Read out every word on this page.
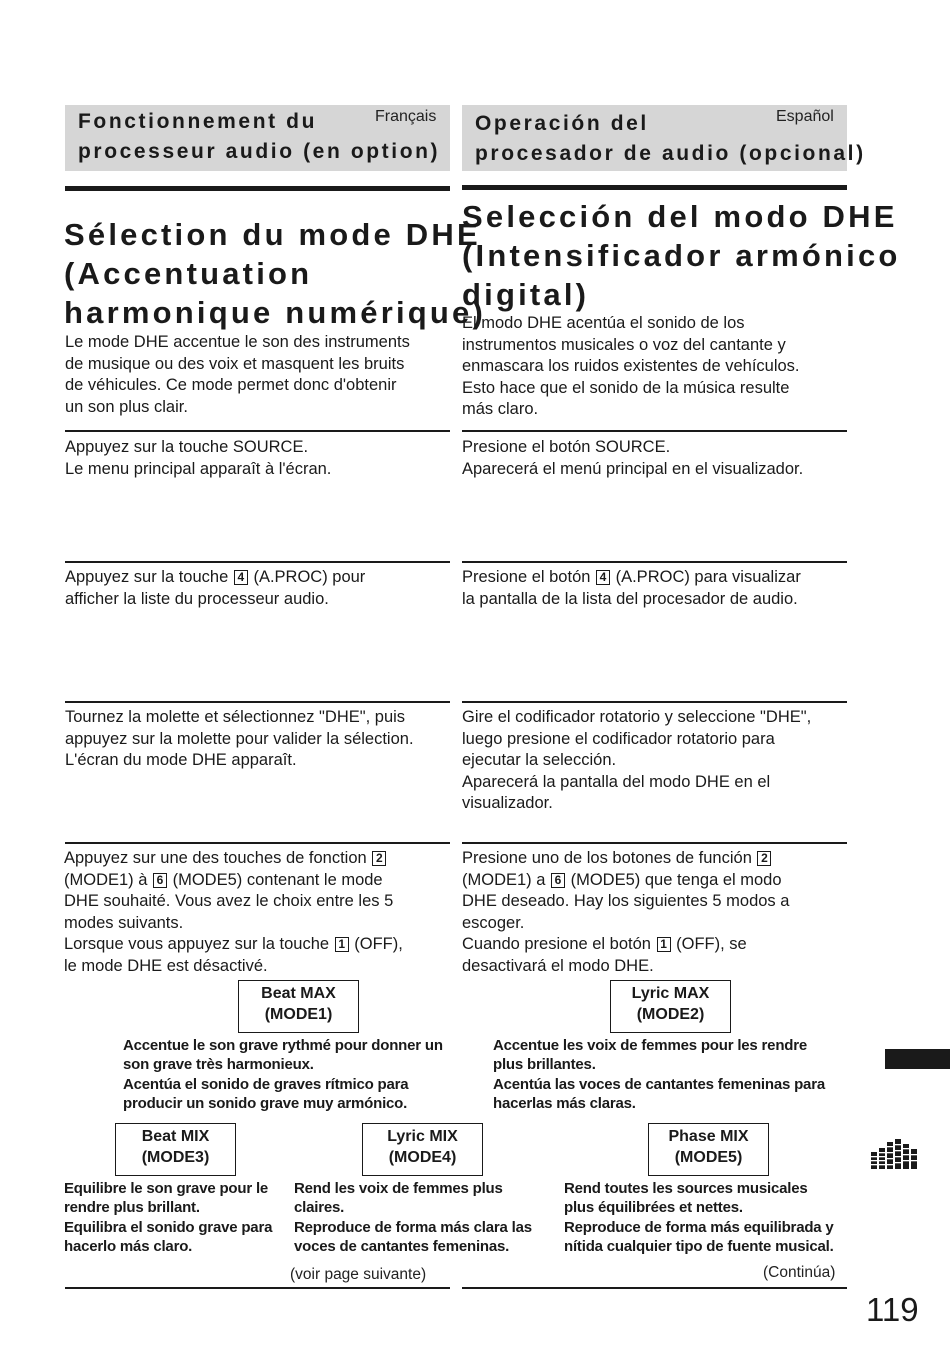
Fonctionnement du
processeur audio (en option)
Français Operación del
procesador de audio (opcional)
Español
Sélection du mode DHE
(Accentuation
harmonique numérique)
Selección del modo DHE
(Intensificador armónico
digital)
Le mode DHE accentue le son des instruments
de musique ou des voix et masquent les bruits
de véhicules. Ce mode permet donc d'obtenir
un son plus clair.
El modo DHE acentúa el sonido de los
instrumentos musicales o voz del cantante y
enmascara los ruidos existentes de vehículos.
Esto hace que el sonido de la música resulte
más claro.
Appuyez sur la touche SOURCE.
Le menu principal apparaît à l'écran.
Presione el botón SOURCE.
Aparecerá el menú principal en el visualizador.
Appuyez sur la touche 4 (A.PROC) pour
afficher la liste du processeur audio.
Presione el botón 4 (A.PROC) para visualizar
la pantalla de la lista del procesador de audio.
Tournez la molette et sélectionnez "DHE", puis
appuyez sur la molette pour valider la sélection.
L'écran du mode DHE apparaît.
Gire el codificador rotatorio y seleccione "DHE",
luego presione el codificador rotatorio para
ejecutar la selección.
Aparecerá la pantalla del modo DHE en el
visualizador.
Appuyez sur une des touches de fonction 2
(MODE1) à 6 (MODE5) contenant le mode
DHE souhaité. Vous avez le choix entre les 5
modes suivants.
Lorsque vous appuyez sur la touche 1 (OFF),
le mode DHE est désactivé.
Presione uno de los botones de función 2
(MODE1) a 6 (MODE5) que tenga el modo
DHE deseado. Hay los siguientes 5 modos a
escoger.
Cuando presione el botón 1 (OFF), se
desactivará el modo DHE.
Beat MAX
(MODE1)
Accentue le son grave rythmé pour donner un
son grave très harmonieux.
Acentúa el sonido de graves rítmico para
producir un sonido grave muy armónico.
Lyric MAX
(MODE2)
Accentue les voix de femmes pour les rendre
plus brillantes.
Acentúa las voces de cantantes femeninas para
hacerlas más claras.
Beat MIX
(MODE3)
Equilibre le son grave pour le
rendre plus brillant.
Equilibra el sonido grave para
hacerlo más claro.
Lyric MIX
(MODE4)
Rend les voix de femmes plus
claires.
Reproduce de forma más clara las
voces de cantantes femeninas.
Phase MIX
(MODE5)
Rend toutes les sources musicales
plus équilibrées et nettes.
Reproduce de forma más equilibrada y
nítida cualquier tipo de fuente musical.
(voir page suivante)	(Continúa)
119
